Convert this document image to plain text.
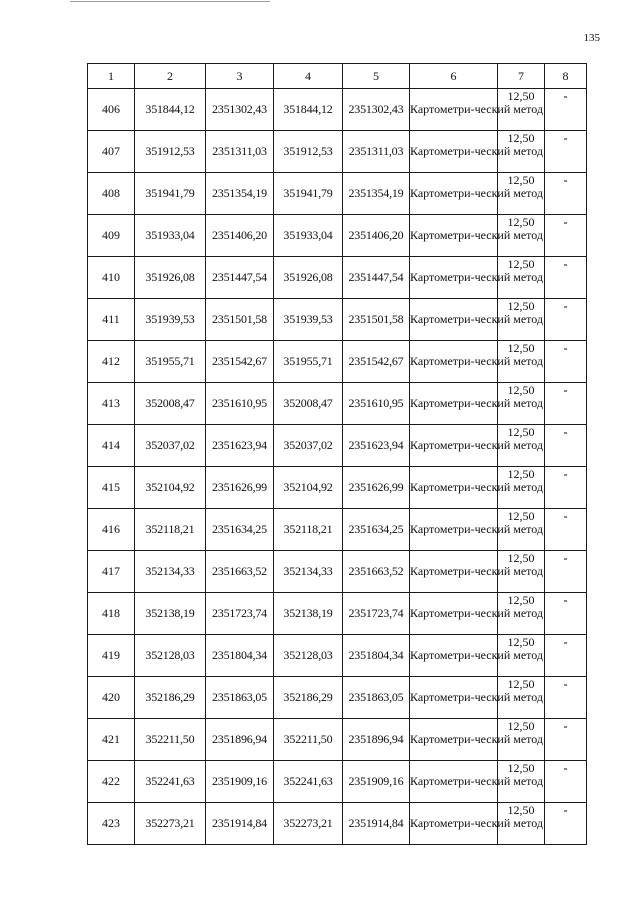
135
1	2	3	4	5	6	7	8
406	351844,12	2351302,43	351844,12	2351302,43	Картометри-ческий метод	12,50	-
407	351912,53	2351311,03	351912,53	2351311,03	Картометри-ческий метод	12,50	-
408	351941,79	2351354,19	351941,79	2351354,19	Картометри-ческий метод	12,50	-
409	351933,04	2351406,20	351933,04	2351406,20	Картометри-ческий метод	12,50	-
410	351926,08	2351447,54	351926,08	2351447,54	Картометри-ческий метод	12,50	-
411	351939,53	2351501,58	351939,53	2351501,58	Картометри-ческий метод	12,50	-
412	351955,71	2351542,67	351955,71	2351542,67	Картометри-ческий метод	12,50	-
413	352008,47	2351610,95	352008,47	2351610,95	Картометри-ческий метод	12,50	-
414	352037,02	2351623,94	352037,02	2351623,94	Картометри-ческий метод	12,50	-
415	352104,92	2351626,99	352104,92	2351626,99	Картометри-ческий метод	12,50	-
416	352118,21	2351634,25	352118,21	2351634,25	Картометри-ческий метод	12,50	-
417	352134,33	2351663,52	352134,33	2351663,52	Картометри-ческий метод	12,50	-
418	352138,19	2351723,74	352138,19	2351723,74	Картометри-ческий метод	12,50	-
419	352128,03	2351804,34	352128,03	2351804,34	Картометри-ческий метод	12,50	-
420	352186,29	2351863,05	352186,29	2351863,05	Картометри-ческий метод	12,50	-
421	352211,50	2351896,94	352211,50	2351896,94	Картометри-ческий метод	12,50	-
422	352241,63	2351909,16	352241,63	2351909,16	Картометри-ческий метод	12,50	-
423	352273,21	2351914,84	352273,21	2351914,84	Картометри-ческий метод	12,50	-
